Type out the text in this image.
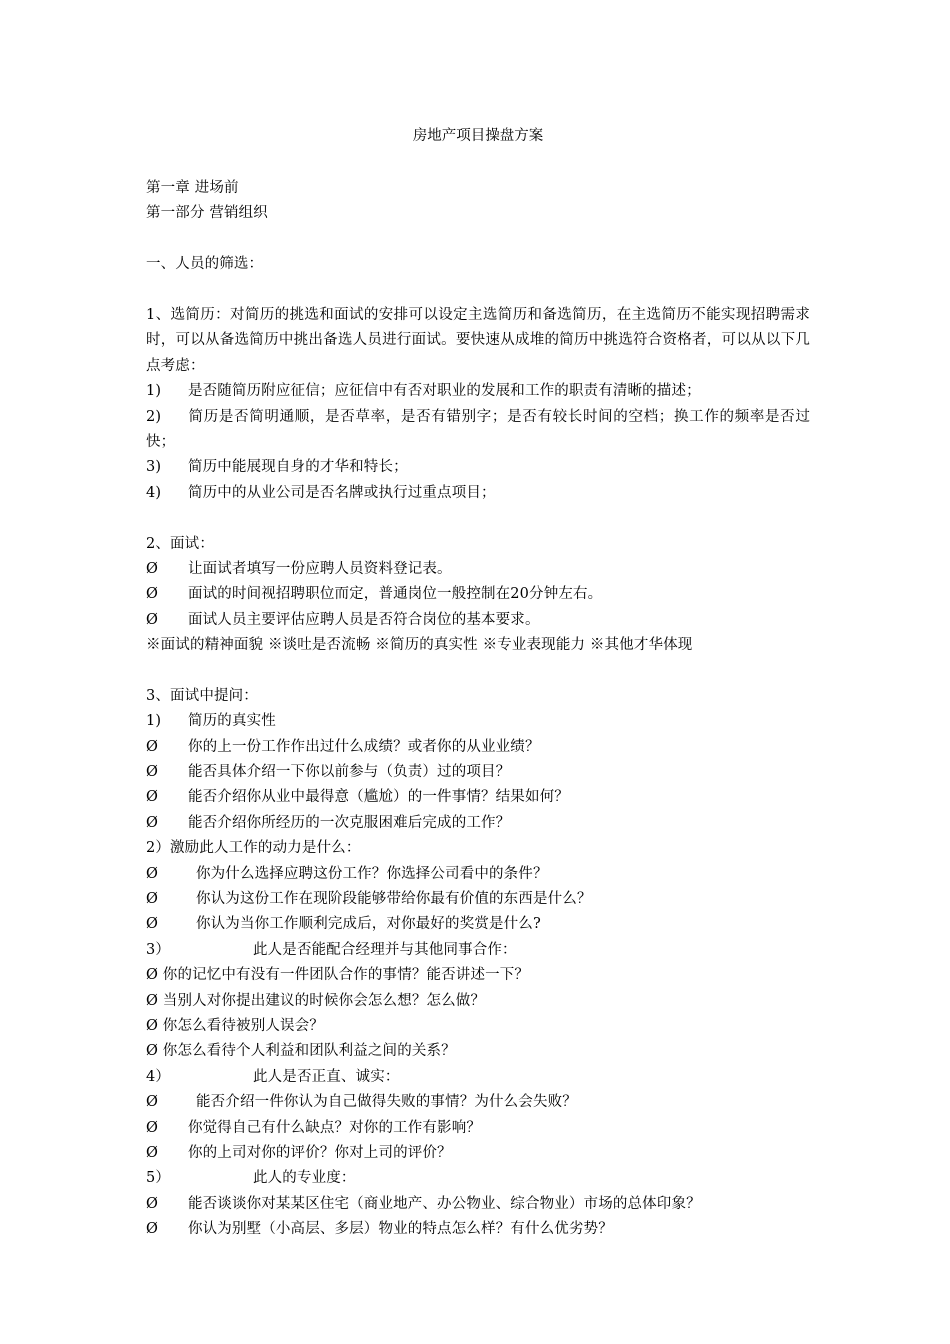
房地产项目操盘方案
第一章 进场前
第一部分 营销组织
一、人员的筛选：
1、选简历：对简历的挑选和面试的安排可以设定主选简历和备选简历，在主选简历不能实现招聘需求时，可以从备选简历中挑出备选人员进行面试。要快速从成堆的简历中挑选符合资格者，可以从以下几点考虑：
1) 是否随简历附应征信；应征信中有否对职业的发展和工作的职责有清晰的描述；
2) 简历是否简明通顺，是否草率，是否有错别字；是否有较长时间的空档；换工作的频率是否过快；
3) 简历中能展现自身的才华和特长；
4) 简历中的从业公司是否名牌或执行过重点项目；
2、面试：
Ø 让面试者填写一份应聘人员资料登记表。
Ø 面试的时间视招聘职位而定，普通岗位一般控制在20分钟左右。
Ø 面试人员主要评估应聘人员是否符合岗位的基本要求。
※面试的精神面貌 ※谈吐是否流畅 ※简历的真实性 ※专业表现能力 ※其他才华体现
3、面试中提问：
1) 简历的真实性
Ø 你的上一份工作作出过什么成绩？或者你的从业业绩？
Ø 能否具体介绍一下你以前参与（负责）过的项目？
Ø 能否介绍你从业中最得意（尴尬）的一件事情？结果如何？
Ø 能否介绍你所经历的一次克服困难后完成的工作？
2）激励此人工作的动力是什么：
Ø	你为什么选择应聘这份工作？你选择公司看中的条件？
Ø	你认为这份工作在现阶段能够带给你最有价值的东西是什么？
Ø	你认为当你工作顺利完成后，对你最好的奖赏是什么?
3）	此人是否能配合经理并与其他同事合作：
Ø 你的记忆中有没有一件团队合作的事情？能否讲述一下？
Ø 当别人对你提出建议的时候你会怎么想？怎么做？
Ø 你怎么看待被别人误会？
Ø 你怎么看待个人利益和团队利益之间的关系？
4）	此人是否正直、诚实：
Ø	能否介绍一件你认为自己做得失败的事情？为什么会失败？
Ø 你觉得自己有什么缺点？对你的工作有影响？
Ø 你的上司对你的评价？你对上司的评价？
5）	此人的专业度：
Ø 能否谈谈你对某某区住宅（商业地产、办公物业、综合物业）市场的总体印象？
Ø 你认为别墅（小高层、多层）物业的特点怎么样？有什么优劣势？
